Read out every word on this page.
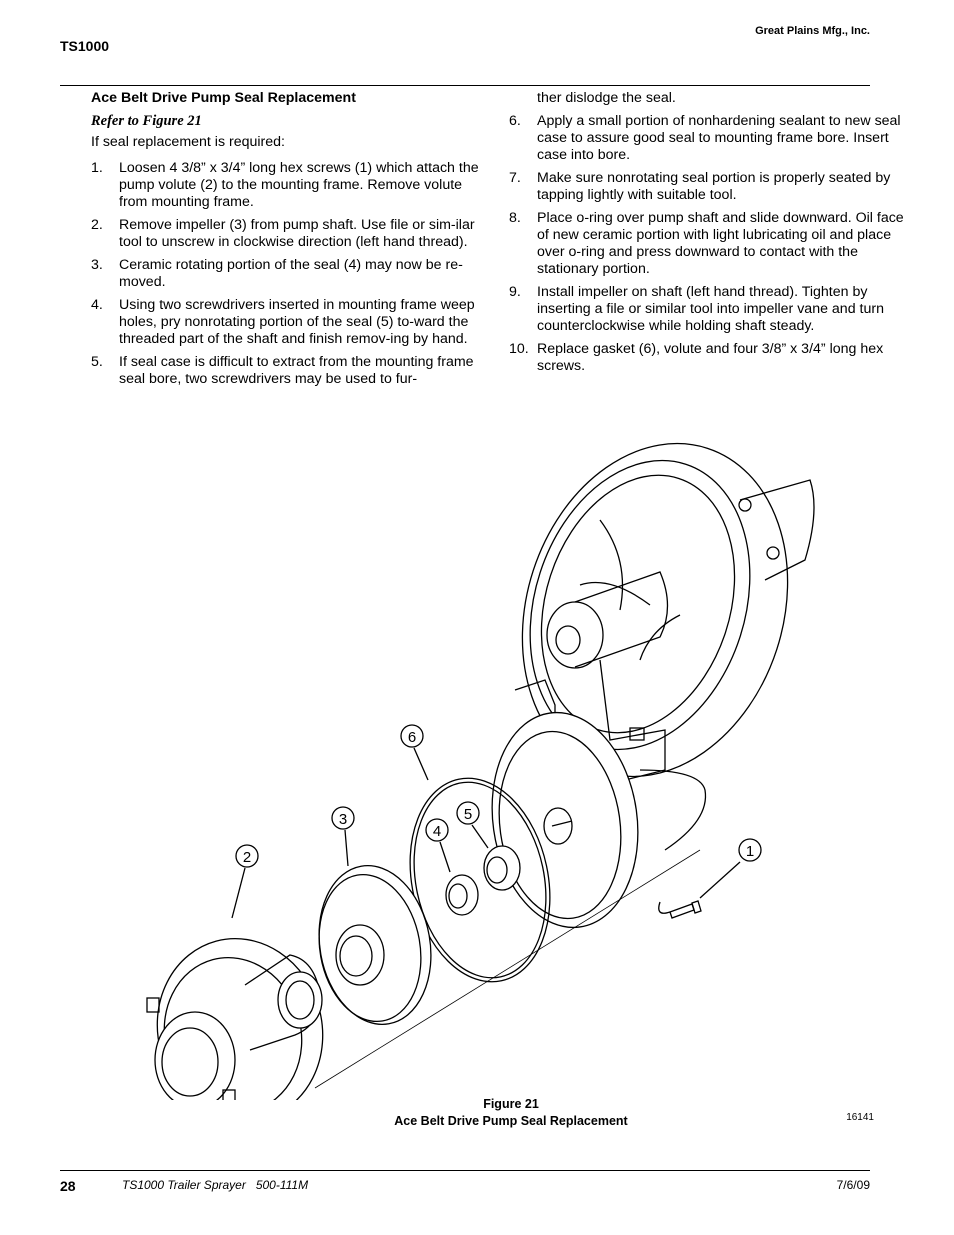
Great Plains Mfg., Inc.
TS1000
Ace Belt Drive Pump Seal Replacement
Refer to Figure 21
If seal replacement is required:
1.	Loosen 4 3/8” x 3/4” long hex screws (1) which attach the pump volute (2) to the mounting frame. Remove volute from mounting frame.
2.	Remove impeller (3) from pump shaft. Use file or sim-ilar tool to unscrew in clockwise direction (left hand thread).
3.	Ceramic rotating portion of the seal (4) may now be re-moved.
4.	Using two screwdrivers inserted in mounting frame weep holes, pry nonrotating portion of the seal (5) to-ward the threaded part of the shaft and finish remov-ing by hand.
5.	If seal case is difficult to extract from the mounting frame seal bore, two screwdrivers may be used to fur-
ther dislodge the seal.
6.	Apply a small portion of nonhardening sealant to new seal case to assure good seal to mounting frame bore. Insert case into bore.
7.	Make sure nonrotating seal portion is properly seated by tapping lightly with suitable tool.
8.	Place o-ring over pump shaft and slide downward. Oil face of new ceramic portion with light lubricating oil and place over o-ring and press downward to contact with the stationary portion.
9.	Install impeller on shaft (left hand thread). Tighten by inserting a file or similar tool into impeller vane and turn counterclockwise while holding shaft steady.
10. Replace gasket (6), volute and four 3/8” x 3/4” long hex screws.
1
2
3
4
5
6
Figure 21
Ace Belt Drive Pump Seal Replacement	16141
28	TS1000 Trailer Sprayer   500-111M	7/6/09
